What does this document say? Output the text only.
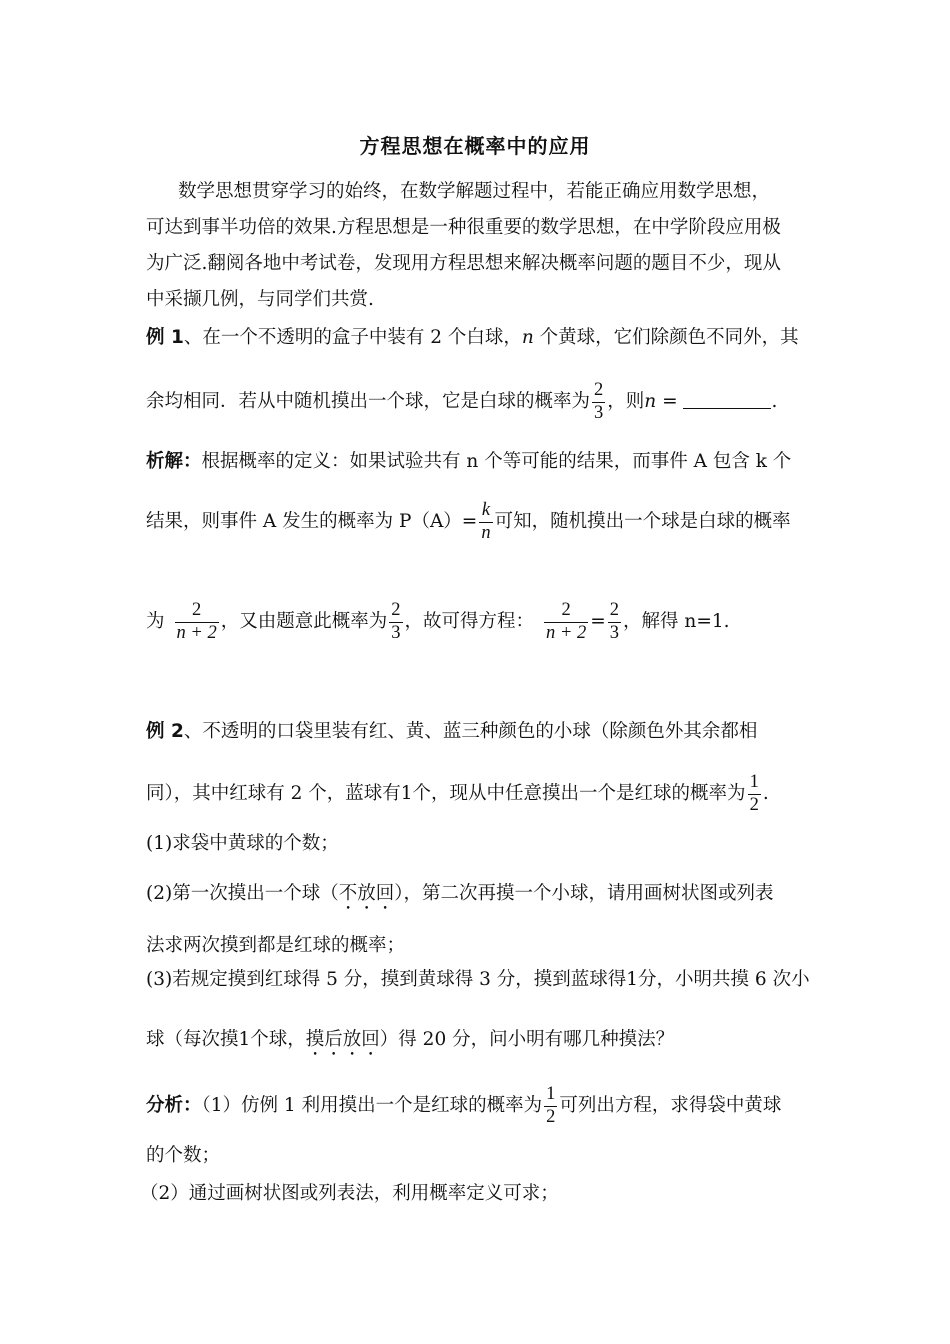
方程思想在概率中的应用
数学思想贯穿学习的始终，在数学解题过程中，若能正确应用数学思想，
可达到事半功倍的效果.方程思想是一种很重要的数学思想，在中学阶段应用极
为广泛.翻阅各地中考试卷，发现用方程思想来解决概率问题的题目不少，现从
中采撷几例，与同学们共赏.
例 1、在一个不透明的盒子中装有 2 个白球，n 个黄球，它们除颜色不同外，其
余均相同．若从中随机摸出一个球，它是白球的概率为 $\frac{2}{3}$ ，则n =	.
析解：根据概率的定义：如果试验共有 n 个等可能的结果，而事件 A 包含 k 个
结果，则事件 A 发生的概率为 $P(A)= \frac{k}{n}$ 可知，随机摸出一个球是白球的概率
为 $\frac{2}{n + 2}$ ，又由题意此概率为 $\frac{2}{3}$ ，故可得方程： $\frac{2}{n + 2} = \frac{2}{3}$ ，解得 n=1.
例 2、不透明的口袋里装有红、黄、蓝三种颜色的小球（除颜色外其余都相
同），其中红球有 2 个，蓝球有1个，现从中任意摸出一个是红球的概率为 $\frac{1}{2}$ .
(1)求袋中黄球的个数；
(2)第一次摸出一个球（不放回），第二次再摸一个小球，请用画树状图或列表
法求两次摸到都是红球的概率；
(3)若规定摸到红球得 5 分，摸到黄球得 3 分，摸到蓝球得1分，小明共摸 6 次小
球（每次摸1个球，摸后放回）得 20 分，问小明有哪几种摸法？
分析：（1）仿例 1 利用摸出一个是红球的概率为 $\frac{1}{2}$ 可列出方程，求得袋中黄球
的个数；
（2）通过画树状图或列表法，利用概率定义可求；
